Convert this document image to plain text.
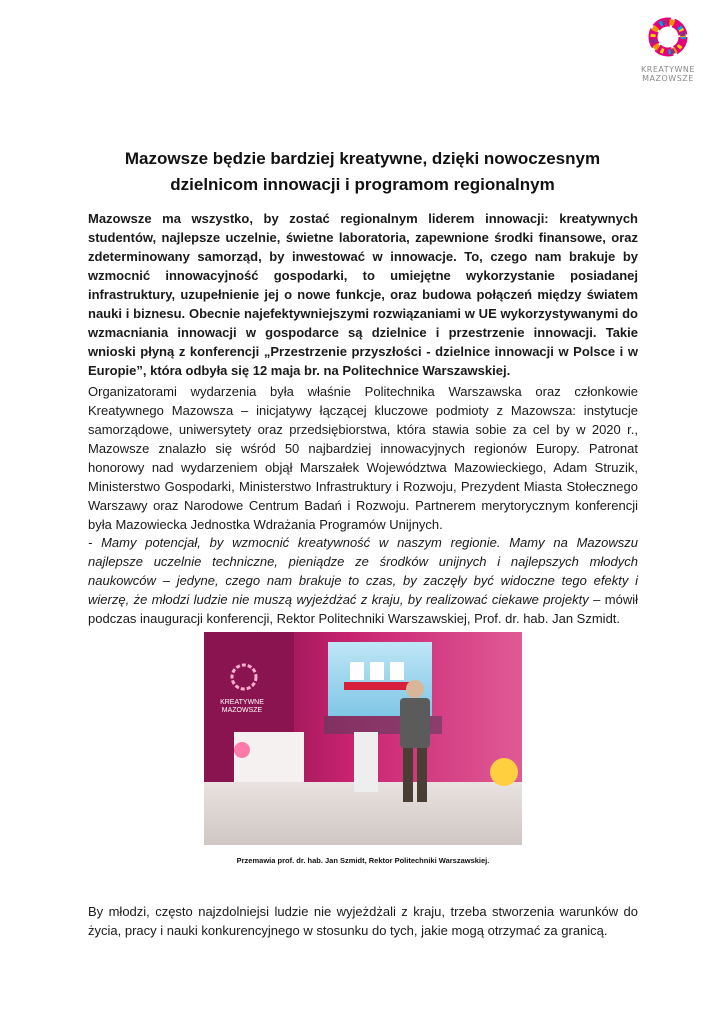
KREATYWNE
MAZOWSZE
Mazowsze będzie bardziej kreatywne, dzięki nowoczesnym
dzielnicom innowacji i programom regionalnym
Mazowsze ma wszystko, by zostać regionalnym liderem innowacji: kreatywnych studentów, najlepsze uczelnie, świetne laboratoria, zapewnione środki finansowe, oraz zdeterminowany samorząd, by inwestować w innowacje. To, czego nam brakuje by wzmocnić innowacyjność gospodarki, to umiejętne wykorzystanie posiadanej infrastruktury, uzupełnienie jej o nowe funkcje, oraz budowa połączeń między światem nauki i biznesu. Obecnie najefektywniejszymi rozwiązaniami w UE wykorzystywanymi do wzmacniania innowacji w gospodarce są dzielnice i przestrzenie innowacji. Takie wnioski płyną z konferencji „Przestrzenie przyszłości - dzielnice innowacji w Polsce i w Europie”, która odbyła się 12 maja br. na Politechnice Warszawskiej.
Organizatorami wydarzenia była właśnie Politechnika Warszawska oraz członkowie Kreatywnego Mazowsza – inicjatywy łączącej kluczowe podmioty z Mazowsza: instytucje samorządowe, uniwersytety oraz przedsiębiorstwa, która stawia sobie za cel by w 2020 r., Mazowsze znalazło się wśród 50 najbardziej innowacyjnych regionów Europy. Patronat honorowy nad wydarzeniem objął Marszałek Województwa Mazowieckiego, Adam Struzik, Ministerstwo Gospodarki, Ministerstwo Infrastruktury i Rozwoju, Prezydent Miasta Stołecznego Warszawy oraz Narodowe Centrum Badań i Rozwoju. Partnerem merytorycznym konferencji była Mazowiecka Jednostka Wdrażania Programów Unijnych.
- Mamy potencjał, by wzmocnić kreatywność w naszym regionie. Mamy na Mazowszu najlepsze uczelnie techniczne, pieniądze ze środków unijnych i najlepszych młodych naukowców – jedyne, czego nam brakuje to czas, by zaczęły być widoczne tego efekty i wierzę, że młodzi ludzie nie muszą wyjeżdżać z kraju, by realizować ciekawe projekty – mówił podczas inauguracji konferencji, Rektor Politechniki Warszawskiej, Prof. dr. hab. Jan Szmidt.
KREATYWNE
MAZOWSZE
Przemawia prof. dr. hab. Jan Szmidt, Rektor Politechniki Warszawskiej.
By młodzi, często najzdolniejsi ludzie nie wyjeżdżali z kraju, trzeba stworzenia warunków do życia, pracy i nauki konkurencyjnego w stosunku do tych, jakie mogą otrzymać za granicą.
